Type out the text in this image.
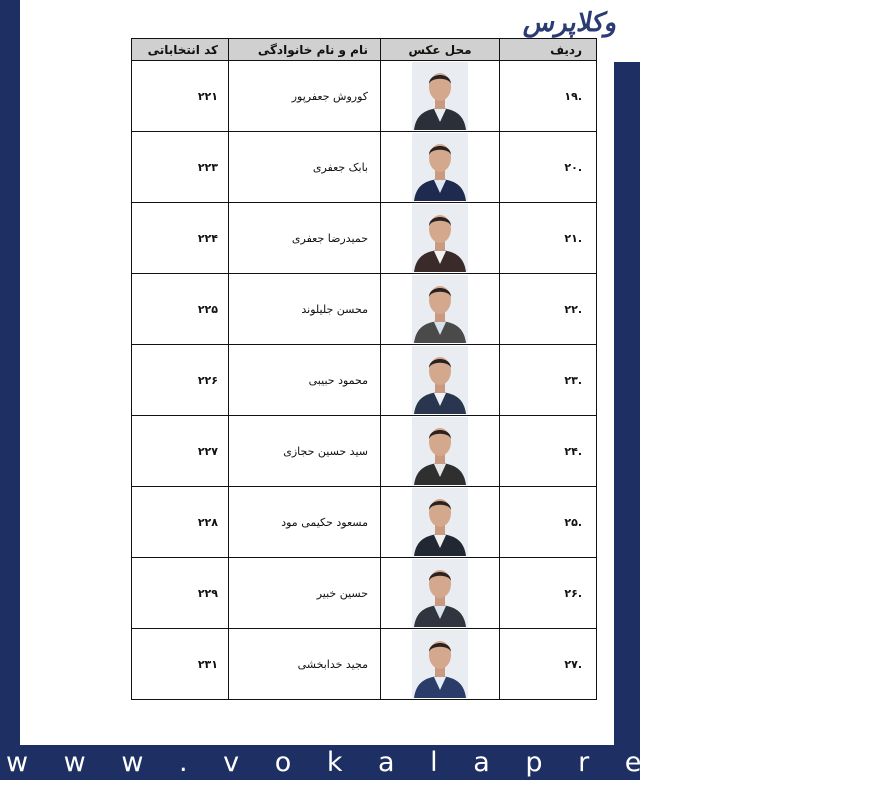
وکلاپرس
ردیف	محل عکس	نام و نام خانوادگی	کد انتخاباتی
.۱۹		کوروش جعفرپور	۲۲۱
.۲۰		بابک جعفری	۲۲۳
.۲۱		حمیدرضا جعفری	۲۲۴
.۲۲		محسن جلیلوند	۲۲۵
.۲۳		محمود حبیبی	۲۲۶
.۲۴		سید حسین حجازی	۲۲۷
.۲۵		مسعود حکیمی مود	۲۲۸
.۲۶		حسین خبیر	۲۲۹
.۲۷		مجید خدابخشی	۲۳۱
w w w . v o k a l a p r e s s . i r
